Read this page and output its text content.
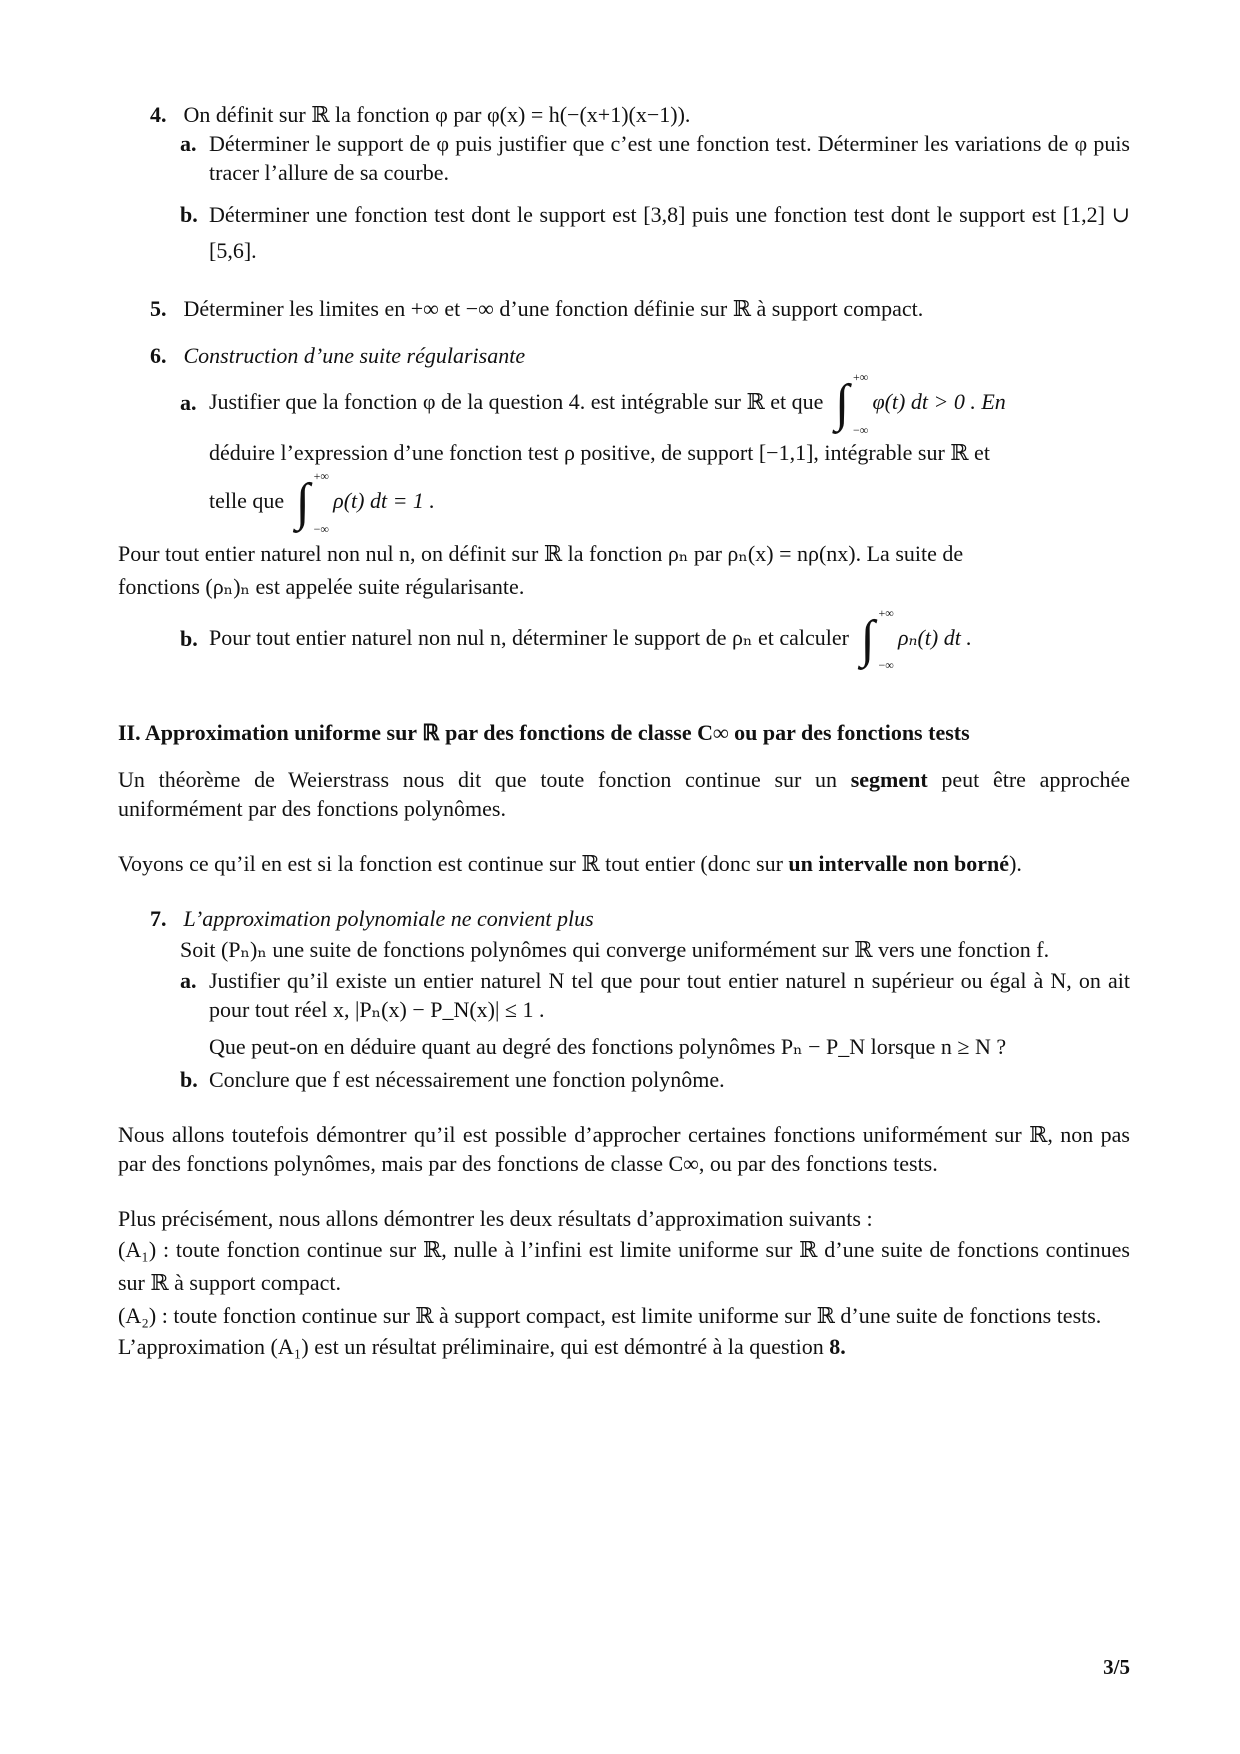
4. On définit sur ℝ la fonction φ par φ(x) = h(−(x+1)(x−1)).
a. Déterminer le support de φ puis justifier que c’est une fonction test. Déterminer les variations de φ puis tracer l’allure de sa courbe.
b. Déterminer une fonction test dont le support est [3,8] puis une fonction test dont le support est [1,2] ∪ [5,6].
5. Déterminer les limites en +∞ et −∞ d’une fonction définie sur ℝ à support compact.
6. Construction d’une suite régularisante
a. Justifier que la fonction φ de la question 4. est intégrable sur ℝ et que ∫ +∞
−∞
φ(t) dt > 0 . En
déduire l’expression d’une fonction test ρ positive, de support [−1,1], intégrable sur ℝ et
telle que ∫ +∞
−∞
ρ(t) dt = 1 .
Pour tout entier naturel non nul n, on définit sur ℝ la fonction ρₙ par ρₙ(x) = nρ(nx). La suite de
fonctions (ρₙ)ₙ est appelée suite régularisante.
b. Pour tout entier naturel non nul n, déterminer le support de ρₙ et calculer ∫ +∞
−∞
ρₙ(t) dt .
II. Approximation uniforme sur ℝ par des fonctions de classe C∞ ou par des fonctions tests
Un théorème de Weierstrass nous dit que toute fonction continue sur un segment peut être approchée uniformément par des fonctions polynômes.
Voyons ce qu’il en est si la fonction est continue sur ℝ tout entier (donc sur un intervalle non borné).
7. L’approximation polynomiale ne convient plus
Soit (Pₙ)ₙ une suite de fonctions polynômes qui converge uniformément sur ℝ vers une fonction f.
a. Justifier qu’il existe un entier naturel N tel que pour tout entier naturel n supérieur ou égal à N, on ait pour tout réel x, |Pₙ(x) − P_N(x)| ≤ 1 .
Que peut-on en déduire quant au degré des fonctions polynômes Pₙ − P_N lorsque n ≥ N ?
b. Conclure que f est nécessairement une fonction polynôme.
Nous allons toutefois démontrer qu’il est possible d’approcher certaines fonctions uniformément sur ℝ, non pas par des fonctions polynômes, mais par des fonctions de classe C∞, ou par des fonctions tests.
Plus précisément, nous allons démontrer les deux résultats d’approximation suivants :
(A₁) : toute fonction continue sur ℝ, nulle à l’infini est limite uniforme sur ℝ d’une suite de fonctions continues sur ℝ à support compact.
(A₂) : toute fonction continue sur ℝ à support compact, est limite uniforme sur ℝ d’une suite de fonctions tests.
L’approximation (A₁) est un résultat préliminaire, qui est démontré à la question 8.
3/5
